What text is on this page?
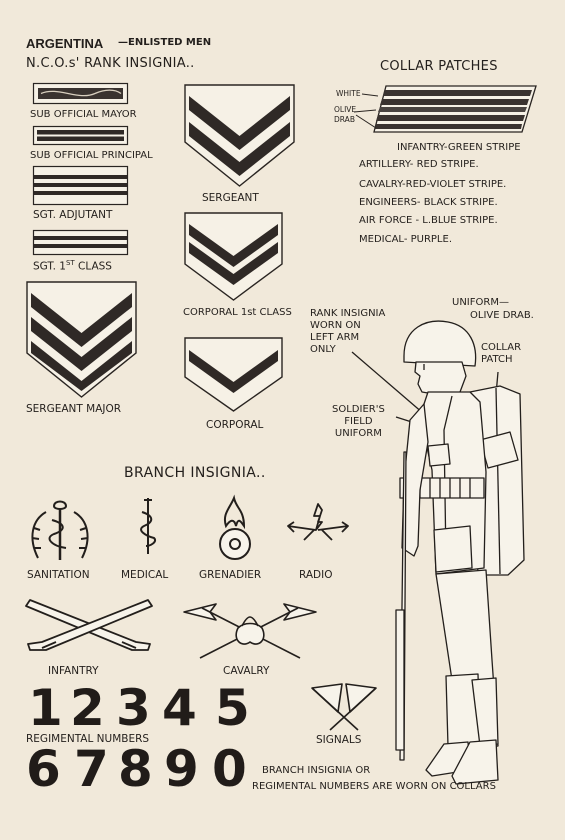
ARGENTINA —ENLISTED MEN
N.C.O.s' RANK INSIGNIA..
SUB OFFICIAL MAYOR
SUB OFFICIAL PRINCIPAL
SGT. ADJUTANT
SGT. 1ST CLASS
SERGEANT MAJOR
SERGEANT
CORPORAL 1st CLASS
CORPORAL
COLLAR PATCHES
WHITE
OLIVE
DRAB
INFANTRY-GREEN STRIPE
ARTILLERY- RED STRIPE.
CAVALRY-RED-VIOLET STRIPE.
ENGINEERS- BLACK STRIPE.
AIR FORCE - L.BLUE STRIPE.
MEDICAL- PURPLE.
RANK INSIGNIA
WORN ON
LEFT ARM
ONLY
UNIFORM—
OLIVE DRAB.
COLLAR
PATCH
SOLDIER'S
FIELD
UNIFORM
BRANCH INSIGNIA..
SANITATION	MEDICAL	GRENADIER	RADIO
INFANTRY	CAVALRY
SIGNALS
1 2 3 4 5
REGIMENTAL NUMBERS
6 7 8 9 0 BRANCH INSIGNIA OR
REGIMENTAL NUMBERS ARE WORN ON COLLARS
